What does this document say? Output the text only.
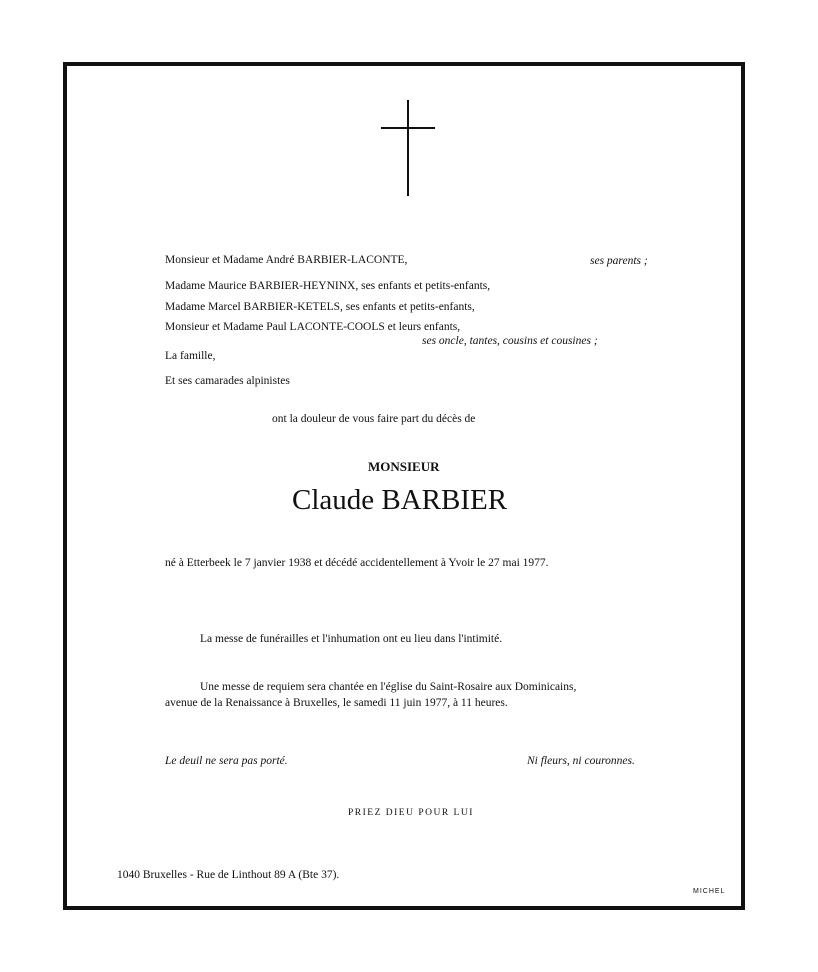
Monsieur et Madame André BARBIER-LACONTE,	ses parents ;
Madame Maurice BARBIER-HEYNINX, ses enfants et petits-enfants,
Madame Marcel BARBIER-KETELS, ses enfants et petits-enfants,
Monsieur et Madame Paul LACONTE-COOLS et leurs enfants,
ses oncle, tantes, cousins et cousines ;
La famille,
Et ses camarades alpinistes
ont la douleur de vous faire part du décès de
MONSIEUR
Claude BARBIER
né à Etterbeek le 7 janvier 1938 et décédé accidentellement à Yvoir le 27 mai 1977.
La messe de funérailles et l'inhumation ont eu lieu dans l'intimité.
Une messe de requiem sera chantée en l'église du Saint-Rosaire aux Dominicains,
avenue de la Renaissance à Bruxelles, le samedi 11 juin 1977, à 11 heures.
Le deuil ne sera pas porté.	Ni fleurs, ni couronnes.
PRIEZ DIEU POUR LUI
1040 Bruxelles - Rue de Linthout 89 A (Bte 37).
MICHEL
